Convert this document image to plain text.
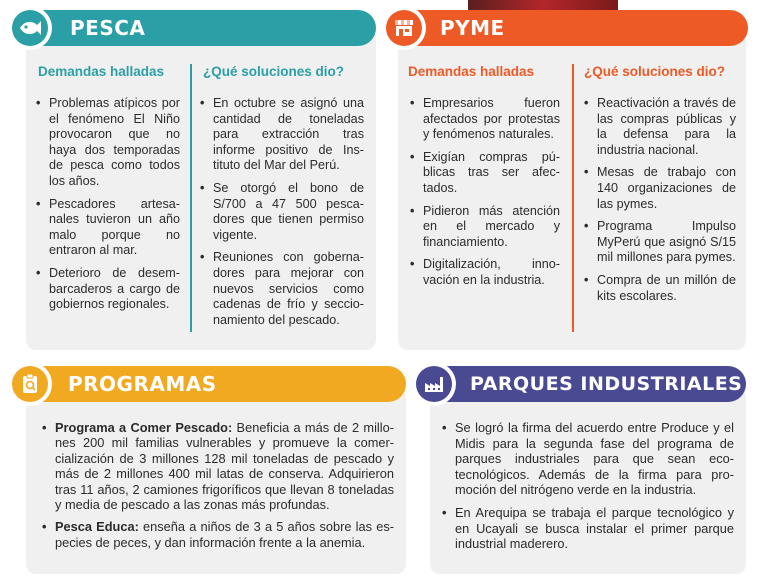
PESCA
Demandas halladas	¿Qué soluciones dio?
• Problemas atípicos por el fenómeno El Niño provocaron que no haya dos temporadas de pesca como todos los años.
• Pescadores artesanales tuvieron un año malo porque no entraron al mar.
• Deterioro de desembarcaderos a cargo de gobiernos regionales.
• En octubre se asignó una cantidad de toneladas para extracción tras informe positivo de Instituto del Mar del Perú.
• Se otorgó el bono de S/700 a 47 500 pescadores que tienen permiso vigente.
• Reuniones con gobernadores para mejorar con nuevos servicios como cadenas de frío y seccionamiento del pescado.
PYME
Demandas halladas	¿Qué soluciones dio?
• Empresarios fueron afectados por protestas y fenómenos naturales.
• Exigían compras públicas tras ser afectados.
• Pidieron más atención en el mercado y financiamiento.
• Digitalización, innovación en la industria.
• Reactivación a través de las compras públicas y la defensa para la industria nacional.
• Mesas de trabajo con 140 organizaciones de las pymes.
• Programa Impulso MyPerú que asignó S/15 mil millones para pymes.
• Compra de un millón de kits escolares.
PROGRAMAS
• Programa a Comer Pescado: Beneficia a más de 2 millones 200 mil familias vulnerables y promueve la comercialización de 3 millones 128 mil toneladas de pescado y más de 2 millones 400 mil latas de conserva. Adquirieron tras 11 años, 2 camiones frigoríficos que llevan 8 toneladas y media de pescado a las zonas más profundas.
• Pesca Educa: enseña a niños de 3 a 5 años sobre las especies de peces, y dan información frente a la anemia.
PARQUES INDUSTRIALES
• Se logró la firma del acuerdo entre Produce y el Midis para la segunda fase del programa de parques industriales para que sean ecotecnológicos. Además de la firma para promoción del nitrógeno verde en la industria.
• En Arequipa se trabaja el parque tecnológico y en Ucayali se busca instalar el primer parque industrial maderero.
